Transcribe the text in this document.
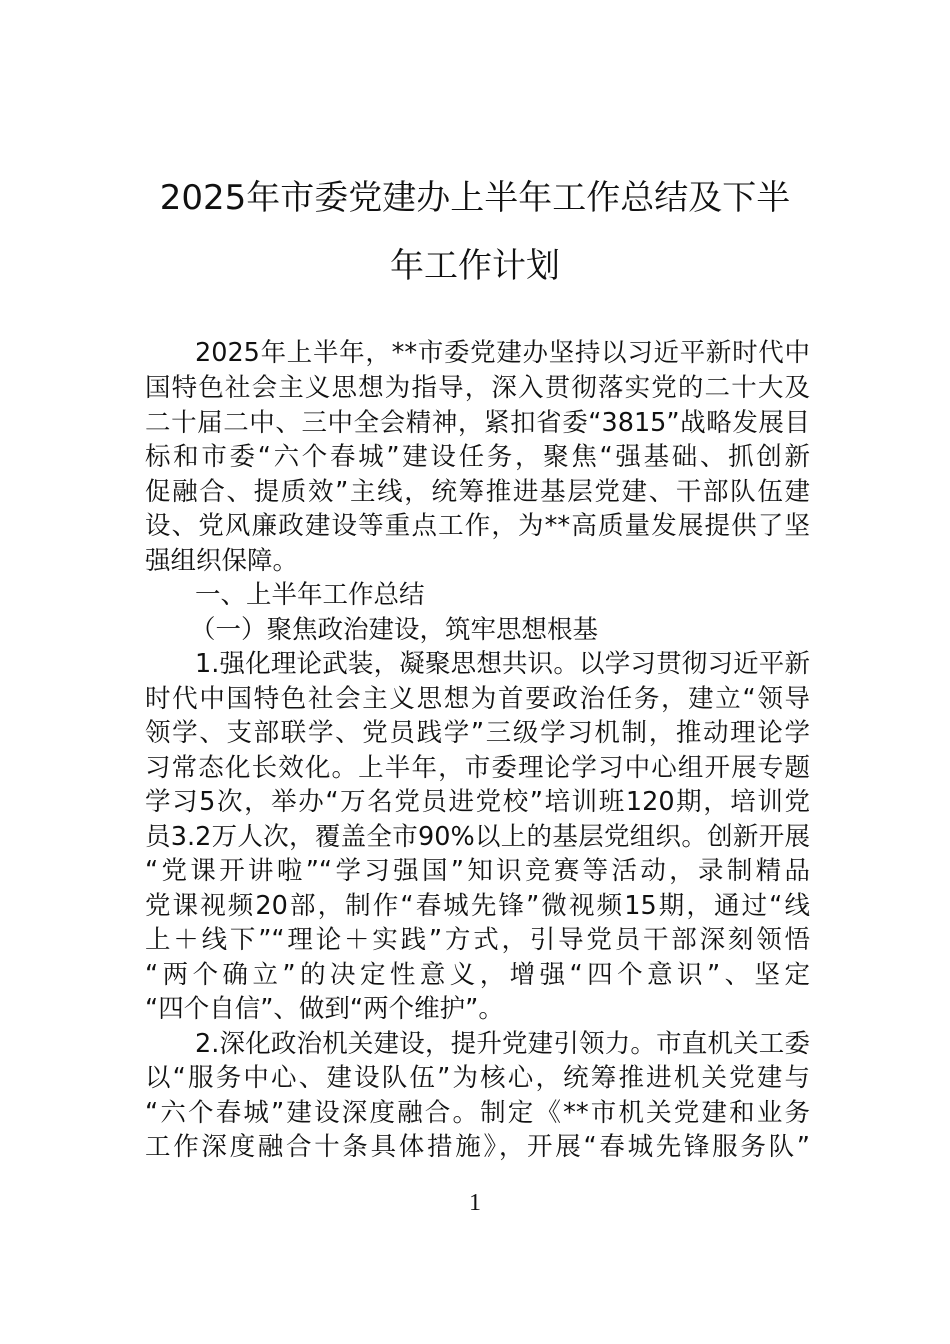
2025年市委党建办上半年工作总结及下半
年工作计划
2025年上半年，**市委党建办坚持以习近平新时代中
国特色社会主义思想为指导，深入贯彻落实党的二十大及
二十届二中、三中全会精神，紧扣省委“3815”战略发展目
标和市委“六个春城”建设任务，聚焦“强基础、抓创新
促融合、提质效”主线，统筹推进基层党建、干部队伍建
设、党风廉政建设等重点工作，为**高质量发展提供了坚
强组织保障。
一、上半年工作总结
（一）聚焦政治建设，筑牢思想根基
1.强化理论武装，凝聚思想共识。以学习贯彻习近平新
时代中国特色社会主义思想为首要政治任务，建立“领导
领学、支部联学、党员践学”三级学习机制，推动理论学
习常态化长效化。上半年，市委理论学习中心组开展专题
学习5次，举办“万名党员进党校”培训班120期，培训党
员3.2万人次，覆盖全市90%以上的基层党组织。创新开展
“党课开讲啦”“学习强国”知识竞赛等活动，录制精品
党课视频20部，制作“春城先锋”微视频15期，通过“线
上＋线下”“理论＋实践”方式，引导党员干部深刻领悟
“两个确立”的决定性意义，增强“四个意识”、坚定
“四个自信”、做到“两个维护”。
2.深化政治机关建设，提升党建引领力。市直机关工委
以“服务中心、建设队伍”为核心，统筹推进机关党建与
“六个春城”建设深度融合。制定《**市机关党建和业务
工作深度融合十条具体措施》，开展“春城先锋服务队”
1
